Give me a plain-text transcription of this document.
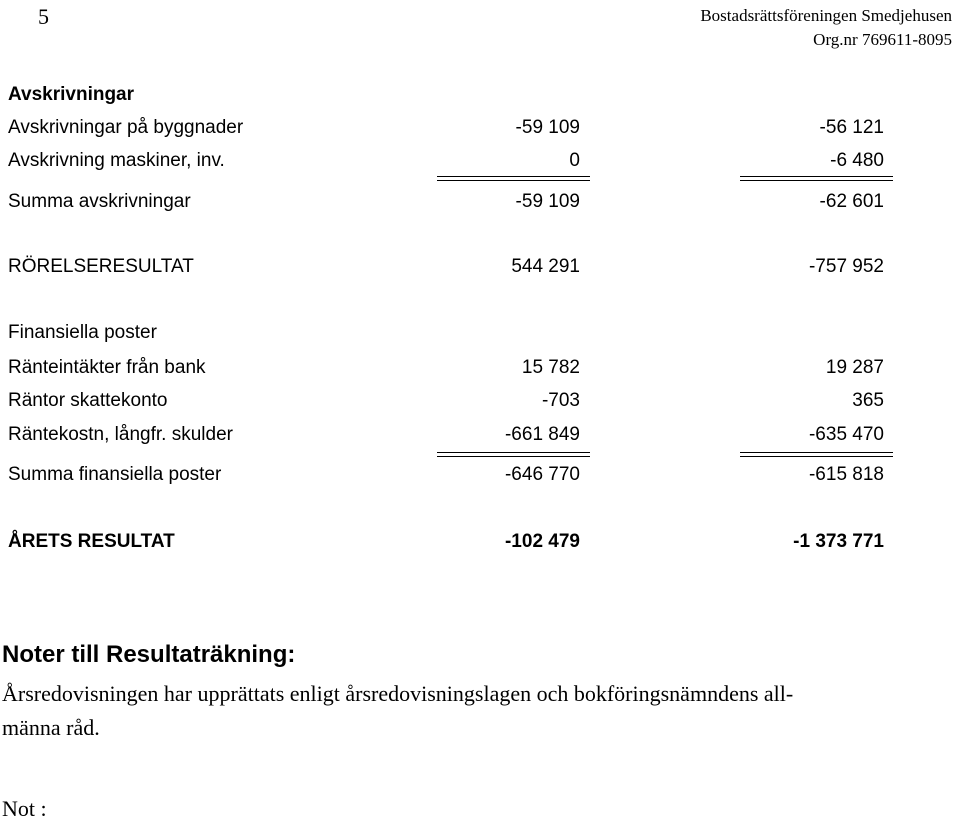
5	Bostadsrättsföreningen Smedjehusen
Org.nr 769611-8095
Avskrivningar
Avskrivningar på byggnader	-59 109	-56 121
Avskrivning maskiner, inv.	0	-6 480
Summa avskrivningar	-59 109	-62 601
RÖRELSERESULTAT	544 291	-757 952
Finansiella poster
Ränteintäkter från bank	15 782	19 287
Räntor skattekonto	-703	365
Räntekostn, långfr. skulder	-661 849	-635 470
Summa finansiella poster	-646 770	-615 818
ÅRETS RESULTAT	-102 479	-1 373 771
Noter till Resultaträkning:
Årsredovisningen har upprättats enligt årsredovisningslagen och bokföringsnämndens all-
männa råd.
Not :
